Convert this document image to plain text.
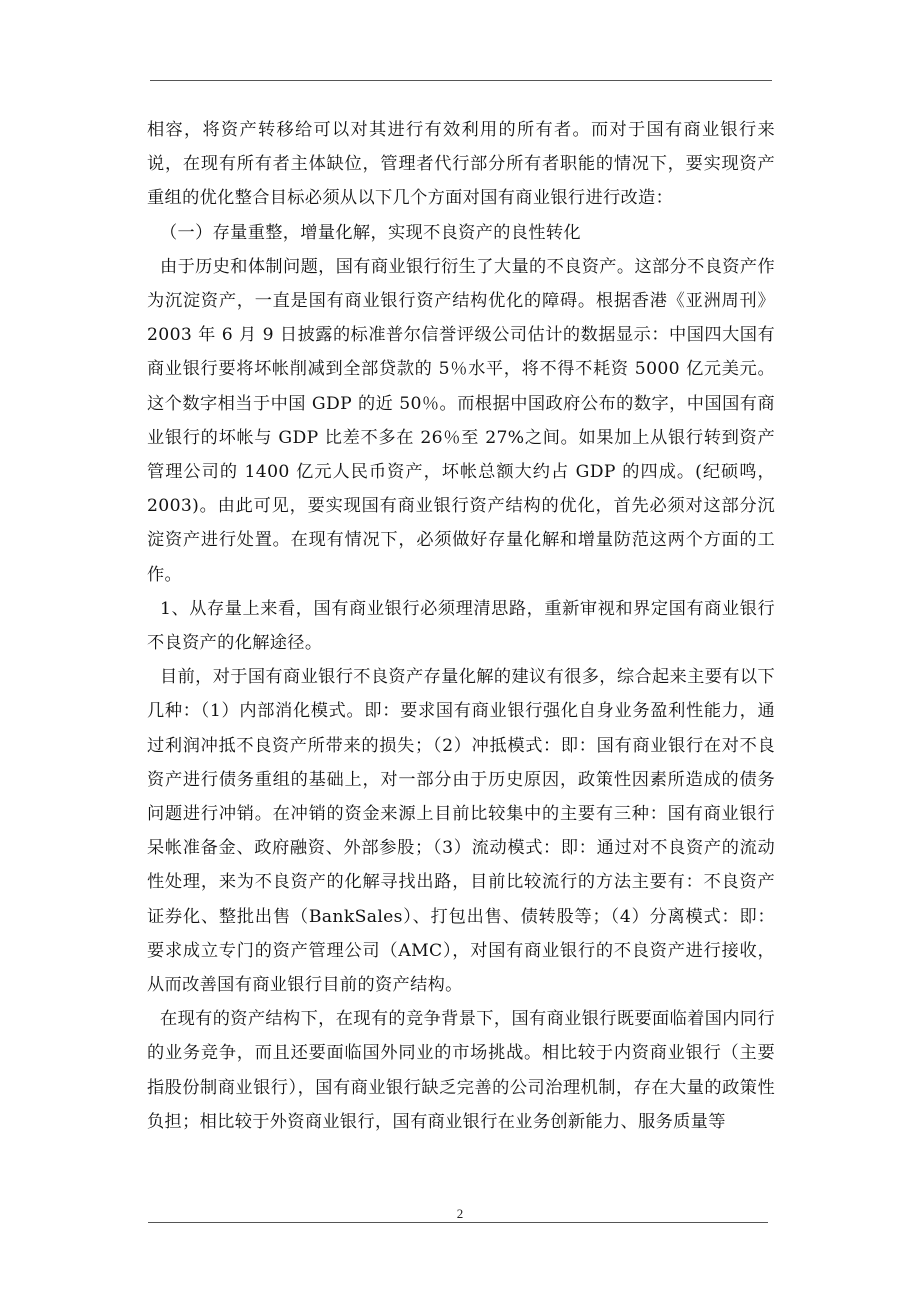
相容，将资产转移给可以对其进行有效利用的所有者。而对于国有商业银行来说，在现有所有者主体缺位，管理者代行部分所有者职能的情况下，要实现资产重组的优化整合目标必须从以下几个方面对国有商业银行进行改造：

（一）存量重整，增量化解，实现不良资产的良性转化

由于历史和体制问题，国有商业银行衍生了大量的不良资产。这部分不良资产作为沉淀资产，一直是国有商业银行资产结构优化的障碍。根据香港《亚洲周刊》2003 年 6 月 9 日披露的标准普尔信誉评级公司估计的数据显示：中国四大国有商业银行要将坏帐削减到全部贷款的 5％水平，将不得不耗资 5000 亿元美元。这个数字相当于中国 GDP 的近 50％。而根据中国政府公布的数字，中国国有商业银行的坏帐与 GDP 比差不多在 26％至 27%之间。如果加上从银行转到资产管理公司的 1400 亿元人民币资产，坏帐总额大约占 GDP 的四成。(纪硕鸣，2003)。由此可见，要实现国有商业银行资产结构的优化，首先必须对这部分沉淀资产进行处置。在现有情况下，必须做好存量化解和增量防范这两个方面的工作。

1、从存量上来看，国有商业银行必须理清思路，重新审视和界定国有商业银行不良资产的化解途径。

目前，对于国有商业银行不良资产存量化解的建议有很多，综合起来主要有以下几种：（1）内部消化模式。即：要求国有商业银行强化自身业务盈利性能力，通过利润冲抵不良资产所带来的损失；（2）冲抵模式：即：国有商业银行在对不良资产进行债务重组的基础上，对一部分由于历史原因，政策性因素所造成的债务问题进行冲销。在冲销的资金来源上目前比较集中的主要有三种：国有商业银行呆帐准备金、政府融资、外部参股；（3）流动模式：即：通过对不良资产的流动性处理，来为不良资产的化解寻找出路，目前比较流行的方法主要有：不良资产证券化、整批出售（BankSales）、打包出售、债转股等；（4）分离模式：即：要求成立专门的资产管理公司（AMC），对国有商业银行的不良资产进行接收，从而改善国有商业银行目前的资产结构。

在现有的资产结构下，在现有的竞争背景下，国有商业银行既要面临着国内同行的业务竞争，而且还要面临国外同业的市场挑战。相比较于内资商业银行（主要指股份制商业银行），国有商业银行缺乏完善的公司治理机制，存在大量的政策性负担；相比较于外资商业银行，国有商业银行在业务创新能力、服务质量等

2
